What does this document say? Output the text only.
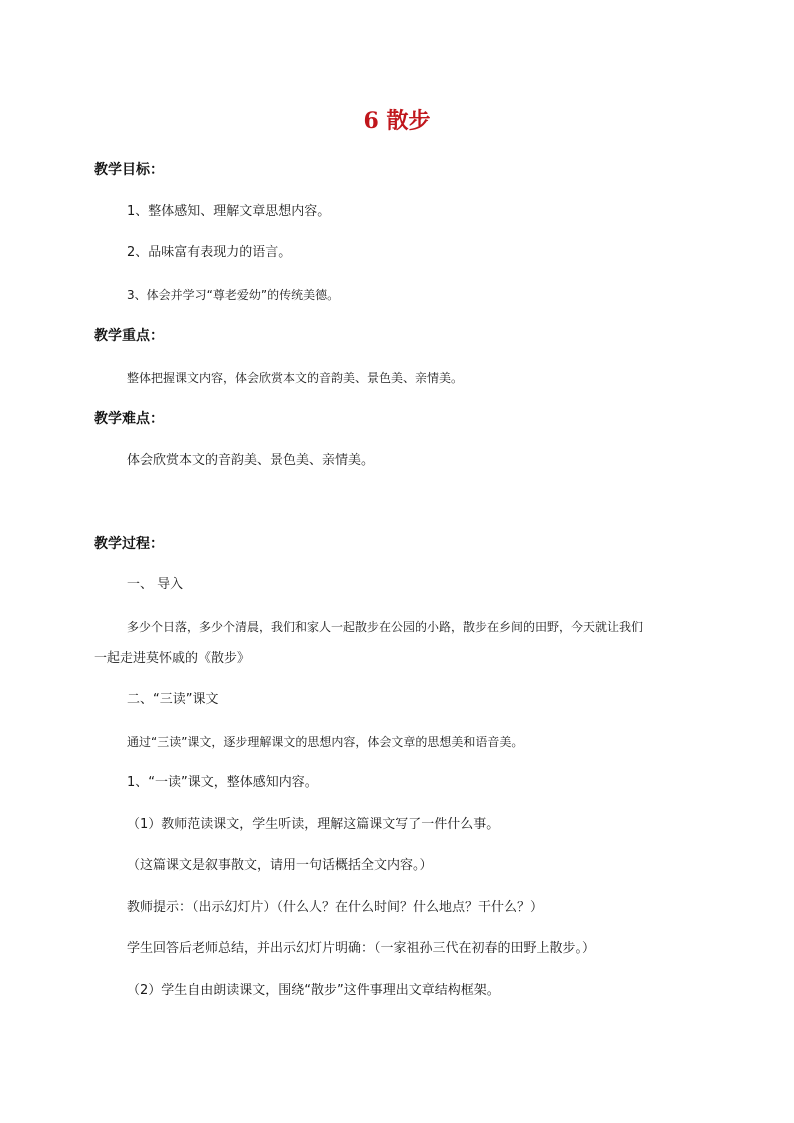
6 散步
教学目标：
1、整体感知、理解文章思想内容。
2、品味富有表现力的语言。
3、体会并学习“尊老爱幼”的传统美德。
教学重点：
整体把握课文内容，体会欣赏本文的音韵美、景色美、亲情美。
教学难点：
体会欣赏本文的音韵美、景色美、亲情美。
教学过程：
一、 导入
多少个日落，多少个清晨，我们和家人一起散步在公园的小路，散步在乡间的田野，今天就让我们
一起走进莫怀戚的《散步》
二、“三读”课文
通过“三读”课文，逐步理解课文的思想内容，体会文章的思想美和语音美。
1、“一读”课文，整体感知内容。
（1）教师范读课文，学生听读，理解这篇课文写了一件什么事。
（这篇课文是叙事散文，请用一句话概括全文内容。）
教师提示：（出示幻灯片）（什么人？在什么时间？什么地点？干什么？）
学生回答后老师总结，并出示幻灯片明确：（一家祖孙三代在初春的田野上散步。）
（2）学生自由朗读课文，围绕“散步”这件事理出文章结构框架。
